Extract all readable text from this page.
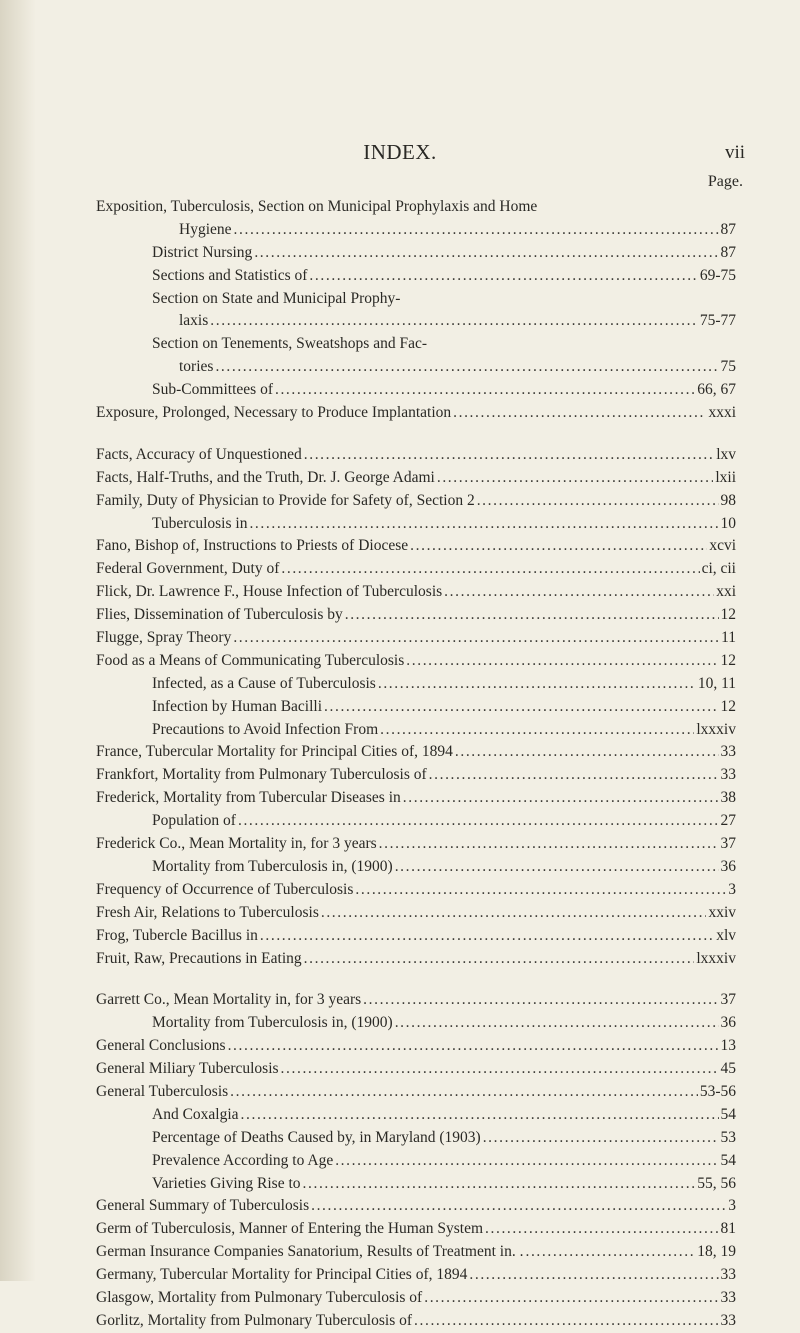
INDEX.	vii
Page.
Exposition, Tuberculosis, Section on Municipal Prophylaxis and Home
Hygiene .....	87
District Nursing .....	87
Sections and Statistics of .....	69-75
Section on State and Municipal Prophy-
laxis .....	75-77
Section on Tenements, Sweatshops and Fac-
tories .....	75
Sub-Committees of .....	66, 67
Exposure, Prolonged, Necessary to Produce Implantation .....	xxxi
Facts, Accuracy of Unquestioned .....	lxv
Facts, Half-Truths, and the Truth, Dr. J. George Adami .....	lxii
Family, Duty of Physician to Provide for Safety of, Section 2 .....	98
Tuberculosis in .....	10
Fano, Bishop of, Instructions to Priests of Diocese .....	xcvi
Federal Government, Duty of .....	ci, cii
Flick, Dr. Lawrence F., House Infection of Tuberculosis .....	xxi
Flies, Dissemination of Tuberculosis by .....	12
Flugge, Spray Theory .....	11
Food as a Means of Communicating Tuberculosis .....	12
Infected, as a Cause of Tuberculosis .....	10, 11
Infection by Human Bacilli .....	12
Precautions to Avoid Infection From .....	lxxxiv
France, Tubercular Mortality for Principal Cities of, 1894 .....	33
Frankfort, Mortality from Pulmonary Tuberculosis of .....	33
Frederick, Mortality from Tubercular Diseases in .....	38
Population of .....	27
Frederick Co., Mean Mortality in, for 3 years .....	37
Mortality from Tuberculosis in, (1900) .....	36
Frequency of Occurrence of Tuberculosis .....	3
Fresh Air, Relations to Tuberculosis .....	xxiv
Frog, Tubercle Bacillus in .....	xlv
Fruit, Raw, Precautions in Eating .....	lxxxiv
Garrett Co., Mean Mortality in, for 3 years .....	37
Mortality from Tuberculosis in, (1900) .....	36
General Conclusions .....	13
General Miliary Tuberculosis .....	45
General Tuberculosis .....	53-56
And Coxalgia .....	54
Percentage of Deaths Caused by, in Maryland (1903) .....	53
Prevalence According to Age .....	54
Varieties Giving Rise to .....	55, 56
General Summary of Tuberculosis .....	3
Germ of Tuberculosis, Manner of Entering the Human System .....	81
German Insurance Companies Sanatorium, Results of Treatment in. . .....	18, 19
Germany, Tubercular Mortality for Principal Cities of, 1894 .....	33
Glasgow, Mortality from Pulmonary Tuberculosis of .....	33
Gorlitz, Mortality from Pulmonary Tuberculosis of .....	33
